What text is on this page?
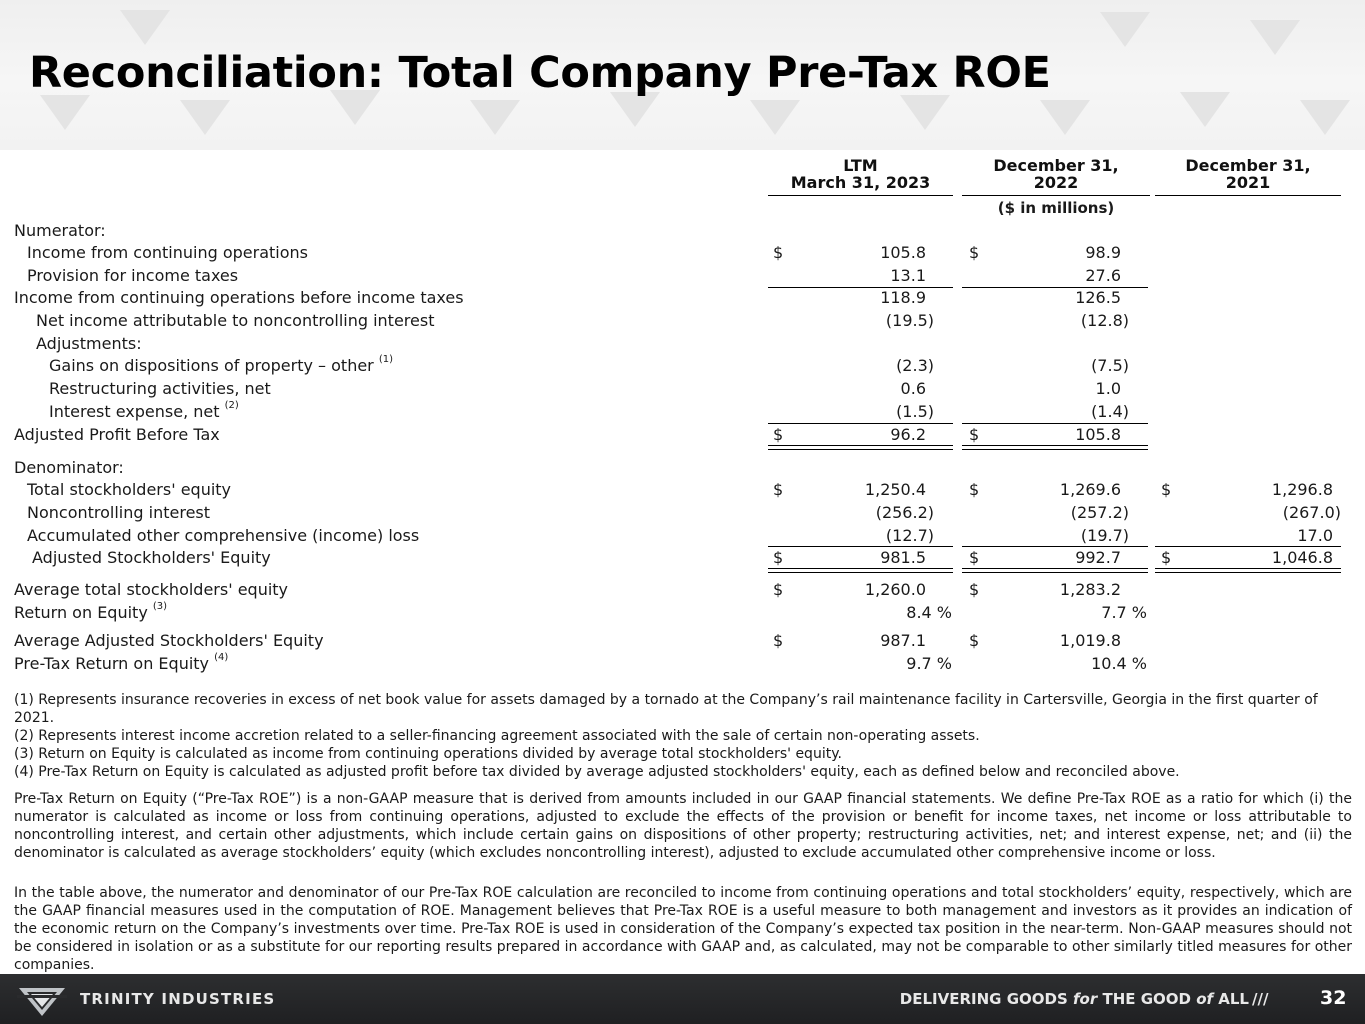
Reconciliation: Total Company Pre-Tax ROE
LTM
March 31, 2023
December 31,
2022
December 31,
2021
($ in millions)
Numerator:
Income from continuing operations	$	105.8	$	98.9
Provision for income taxes	13.1	27.6
Income from continuing operations before income taxes	118.9	126.5
Net income attributable to noncontrolling interest	(19.5)	(12.8)
Adjustments:
Gains on dispositions of property – other $^{(1)}$	(2.3)	(7.5)
Restructuring activities, net	0.6	1.0
Interest expense, net $^{(2)}$	(1.5)	(1.4)
Adjusted Profit Before Tax	$	96.2	$	105.8
Denominator:
Total stockholders' equity	$	1,250.4	$	1,269.6	$	1,296.8
Noncontrolling interest	(256.2)	(257.2)	(267.0)
Accumulated other comprehensive (income) loss	(12.7)	(19.7)	17.0
Adjusted Stockholders' Equity	$	981.5	$	992.7	$	1,046.8
Average total stockholders' equity	$	1,260.0	$	1,283.2
Return on Equity $^{(3)}$	8.4 %	7.7 %
Average Adjusted Stockholders' Equity	$	987.1	$	1,019.8
Pre-Tax Return on Equity $^{(4)}$	9.7 %	10.4 %

(1) Represents insurance recoveries in excess of net book value for assets damaged by a tornado at the Company’s rail maintenance facility in Cartersville, Georgia in the first quarter of 2021.

(2) Represents interest income accretion related to a seller-financing agreement associated with the sale of certain non-operating assets.

(3) Return on Equity is calculated as income from continuing operations divided by average total stockholders' equity.

(4) Pre-Tax Return on Equity is calculated as adjusted profit before tax divided by average adjusted stockholders' equity, each as defined below and reconciled above.

Pre-Tax Return on Equity (“Pre-Tax ROE”) is a non-GAAP measure that is derived from amounts included in our GAAP financial statements. We define Pre-Tax ROE as a ratio for which (i) the numerator is calculated as income or loss from continuing operations, adjusted to exclude the effects of the provision or benefit for income taxes, net income or loss attributable to noncontrolling interest, and certain other adjustments, which include certain gains on dispositions of other property; restructuring activities, net; and interest expense, net; and (ii) the denominator is calculated as average stockholders’ equity (which excludes noncontrolling interest), adjusted to exclude accumulated other comprehensive income or loss.
In the table above, the numerator and denominator of our Pre-Tax ROE calculation are reconciled to income from continuing operations and total stockholders’ equity, respectively, which are the GAAP financial measures used in the computation of ROE. Management believes that Pre-Tax ROE is a useful measure to both management and investors as it provides an indication of the economic return on the Company’s investments over time. Pre-Tax ROE is used in consideration of the Company’s expected tax position in the near-term. Non-GAAP measures should not be considered in isolation or as a substitute for our reporting results prepared in accordance with GAAP and, as calculated, may not be comparable to other similarly titled measures for other companies.
TRINITY INDUSTRIES	DELIVERING GOODS for THE GOOD of ALL ///	32
